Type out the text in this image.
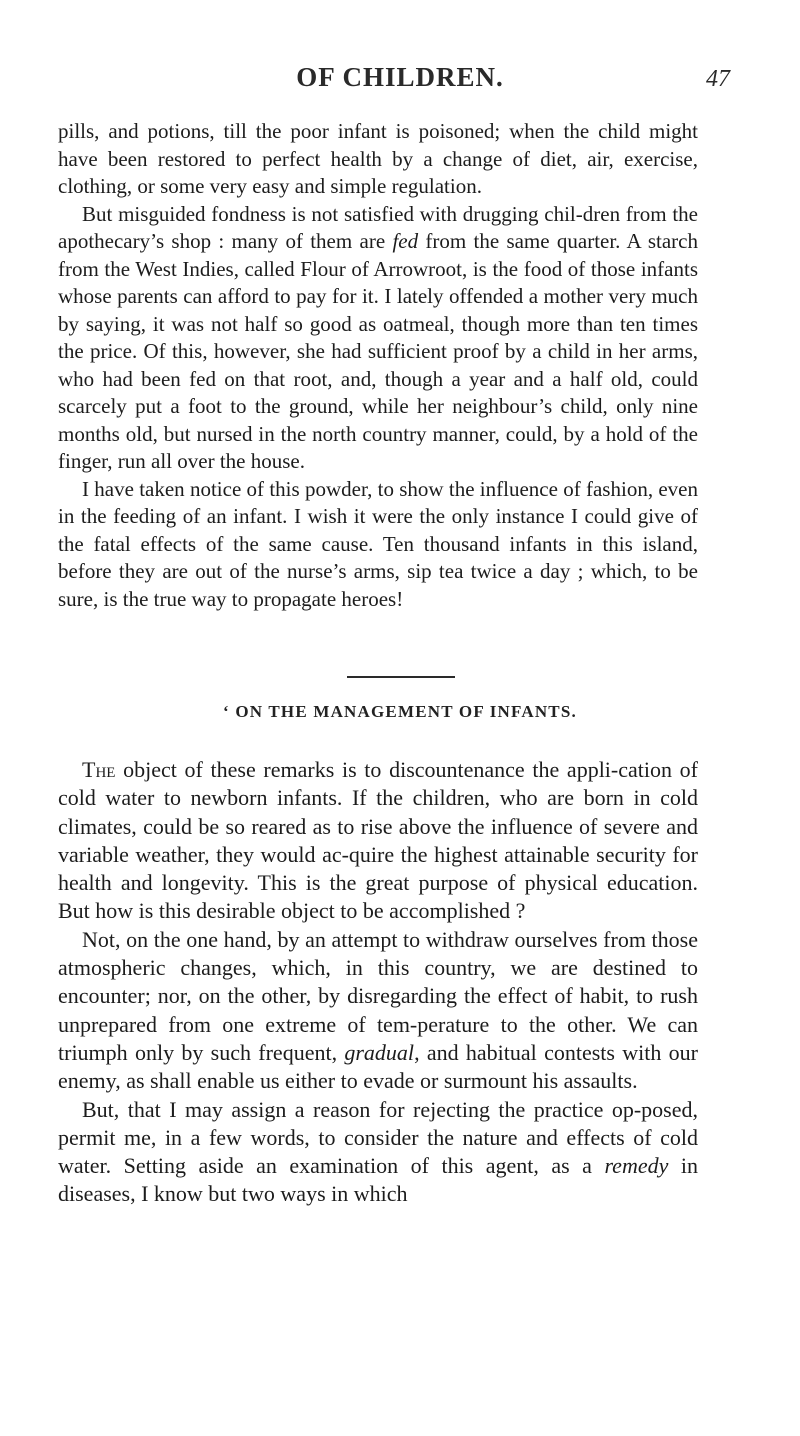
OF CHILDREN.	47

pills, and potions, till the poor infant is poisoned; when the child might have been restored to perfect health by a change of diet, air, exercise, clothing, or some very easy and simple regulation.

But misguided fondness is not satisfied with drugging chil-dren from the apothecary’s shop : many of them are fed from the same quarter. A starch from the West Indies, called Flour of Arrowroot, is the food of those infants whose parents can afford to pay for it. I lately offended a mother very much by saying, it was not half so good as oatmeal, though more than ten times the price. Of this, however, she had sufficient proof by a child in her arms, who had been fed on that root, and, though a year and a half old, could scarcely put a foot to the ground, while her neighbour’s child, only nine months old, but nursed in the north country manner, could, by a hold of the finger, run all over the house.

I have taken notice of this powder, to show the influence of fashion, even in the feeding of an infant. I wish it were the only instance I could give of the fatal effects of the same cause. Ten thousand infants in this island, before they are out of the nurse’s arms, sip tea twice a day ; which, to be sure, is the true way to propagate heroes!

‘ ON THE MANAGEMENT OF INFANTS.

The object of these remarks is to discountenance the appli-cation of cold water to newborn infants. If the children, who are born in cold climates, could be so reared as to rise above the influence of severe and variable weather, they would ac-quire the highest attainable security for health and longevity. This is the great purpose of physical education. But how is this desirable object to be accomplished ?

Not, on the one hand, by an attempt to withdraw ourselves from those atmospheric changes, which, in this country, we are destined to encounter; nor, on the other, by disregarding the effect of habit, to rush unprepared from one extreme of tem-perature to the other. We can triumph only by such frequent, gradual, and habitual contests with our enemy, as shall enable us either to evade or surmount his assaults.

But, that I may assign a reason for rejecting the practice op-posed, permit me, in a few words, to consider the nature and effects of cold water. Setting aside an examination of this agent, as a remedy in diseases, I know but two ways in which
